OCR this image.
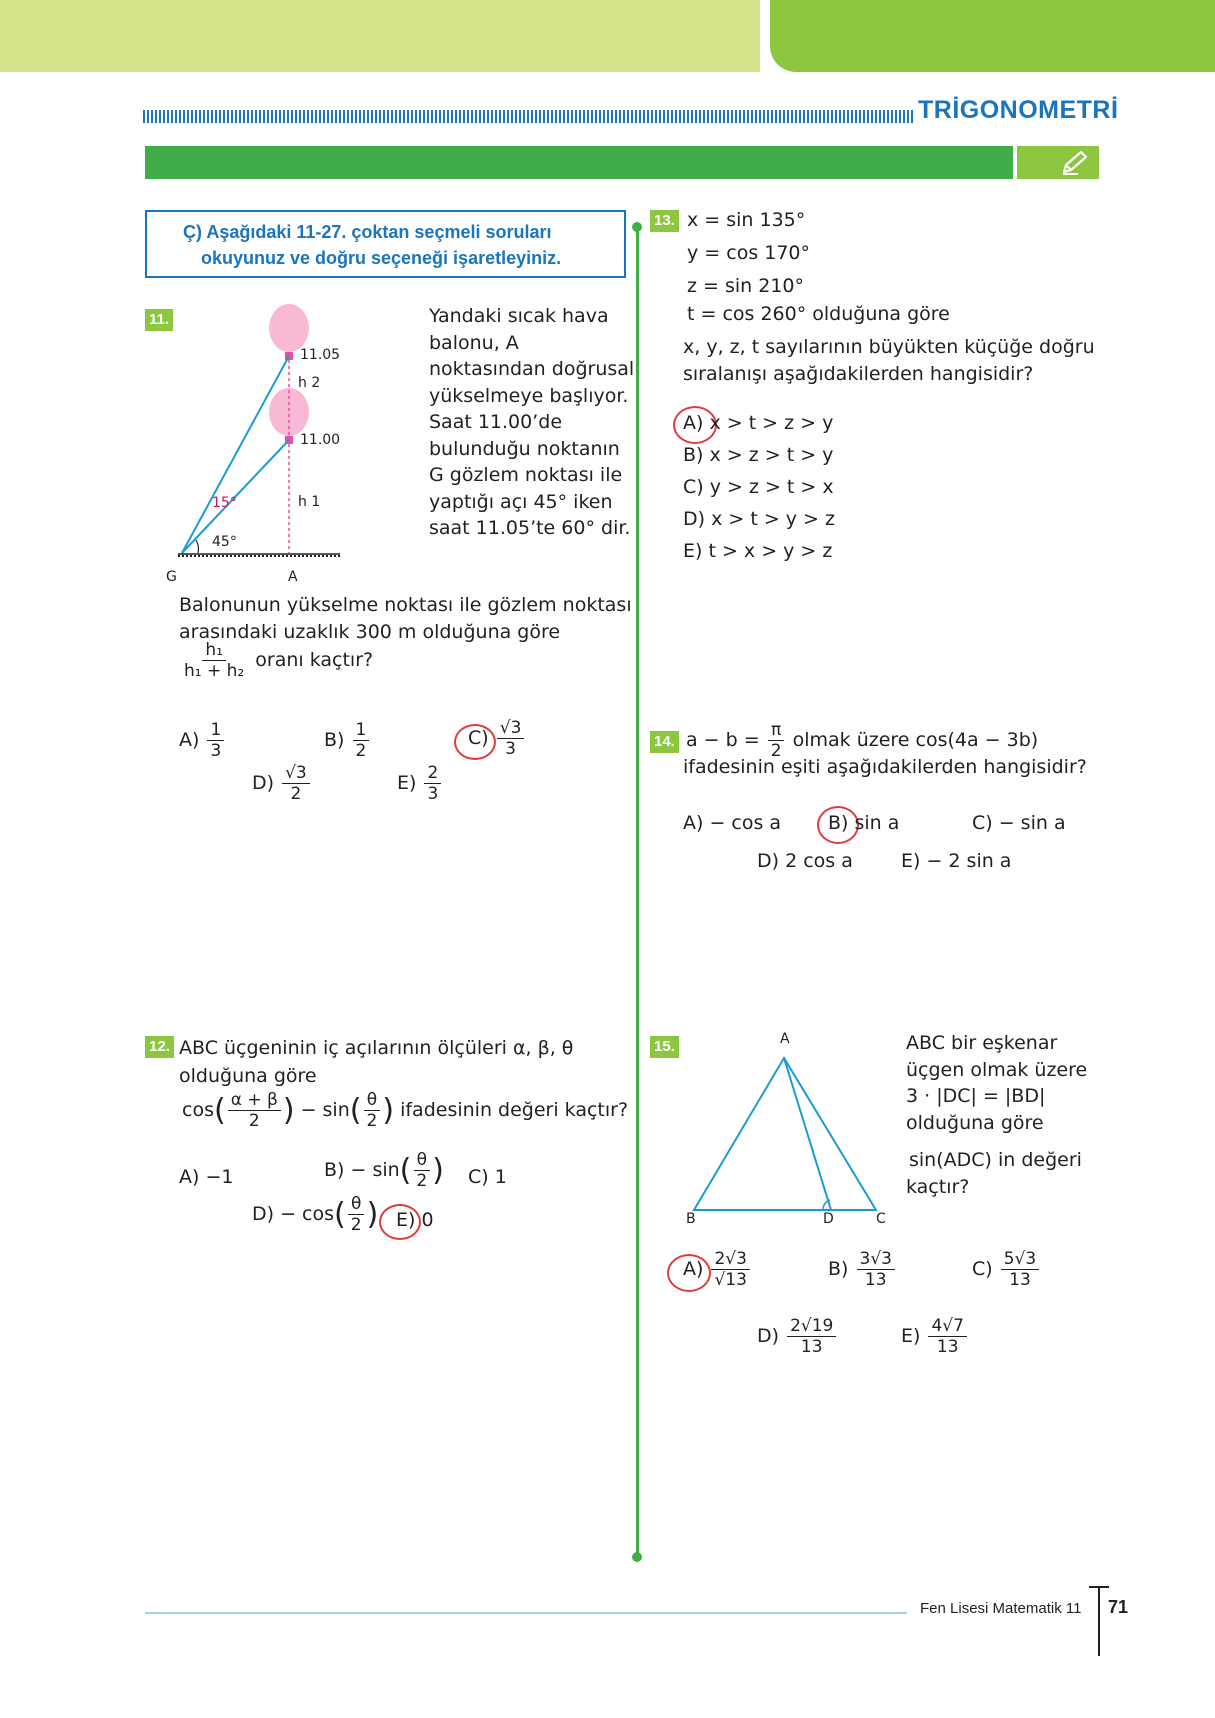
TRİGONOMETRİ
Ç) Aşağıdaki 11-27. çoktan seçmeli soruları
okuyunuz ve doğru seçeneği işaretleyiniz.
11.
11.05
h 2
11.00
h 1
15°
45°
G	A
Yandaki sıcak hava
balonu, A
noktasından doğrusal
yükselmeye başlıyor.
Saat 11.00’de
bulunduğu noktanın
G gözlem noktası ile
yaptığı açı 45° iken
saat 11.05’te 60° dir.
Balonunun yükselme noktası ile gözlem noktası
arasındaki uzaklık 300 m olduğuna göre
$\frac{\text{h₁}}{\text{h₁ + h₂}}$ oranı kaçtır?
$A) \frac{1}{3}$	$B) \frac{1}{2}$	$C) \frac{√3}{3}$
$D) \frac{√3}{2}$	$E) \frac{2}{3}$
12. ABC üçgeninin iç açılarının ölçüleri α, β, θ
olduğuna göre
$\cos( \frac{\alpha + \beta}{2}$ ) − $\sin( \frac{\theta}{2}$ ) ifadesinin değeri kaçtır?
A) −1	$B) - \sin( \frac{\theta}{2}$ ) C) 1
$D) - \cos( \frac{\theta}{2}$ ) E) 0
13. x = sin 135°
y = cos 170°
z = sin 210°
t = cos 260° olduğuna göre
x, y, z, t sayılarının büyükten küçüğe doğru
sıralanışı aşağıdakilerden hangisidir?
A) x > t > z > y
B) x > z > t > y
C) y > z > t > x
D) x > t > y > z
E) t > x > y > z
14. $a - b = \frac{\pi}{2}$ olmak üzere cos(4a − 3b)
ifadesinin eşiti aşağıdakilerden hangisidir?
A) − cos a B) sin a	C) − sin a
D) 2 cos a	E) − 2 sin a
15.	A
B	D	C
ABC bir eşkenar
üçgen olmak üzere
3 · |DC| = |BD|
olduğuna göre
sin(ADC) in değeri
kaçtır?
$A) \frac{2√3}{√13}$	$B) \frac{3√3}{13}$	$C) \frac{5√3}{13}$
$D) \frac{2√19}{13}$	$E) \frac{4√7}{13}$
Fen Lisesi Matematik 11 71
